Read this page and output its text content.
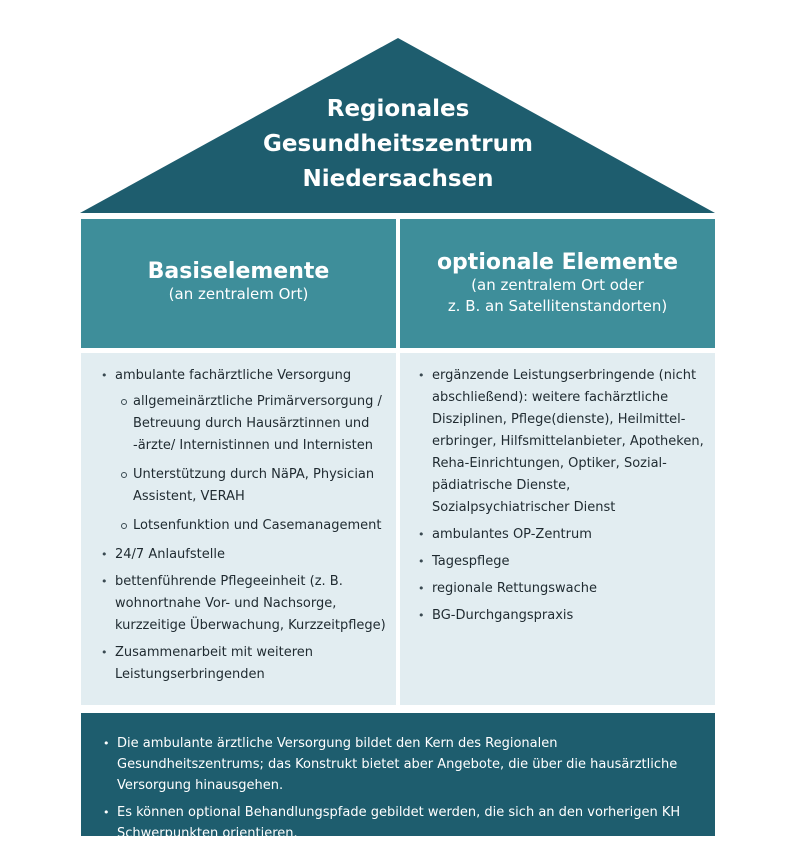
Regionales
Gesundheitszentrum
Niedersachsen
Basiselemente
(an zentralem Ort)
optionale Elemente
(an zentralem Ort oder
z. B. an Satellitenstandorten)
• ambulante fachärztliche Versorgung
allgemeinärztliche Primärversorgung / Betreuung durch Hausärztinnen und -ärzte/ Internistinnen und Internisten
Unterstützung durch NäPA, Physician Assistent, VERAH
Lotsenfunktion und Casemanagement
• 24/7 Anlaufstelle
• bettenführende Pflegeeinheit (z. B. wohnortnahe Vor- und Nachsorge, kurzzeitige Überwachung, Kurzzeitpflege)
• Zusammenarbeit mit weiteren Leistungserbringenden
• ergänzende Leistungserbringende (nicht abschließend): weitere fachärztliche Disziplinen, Pflege(dienste), Heilmittel-erbringer, Hilfsmittelanbieter, Apotheken, Reha-Einrichtungen, Optiker, Sozial-pädiatrische Dienste, Sozialpsychiatrischer Dienst
• ambulantes OP-Zentrum
• Tagespflege
• regionale Rettungswache
• BG-Durchgangspraxis
• Die ambulante ärztliche Versorgung bildet den Kern des Regionalen Gesundheitszentrums; das Konstrukt bietet aber Angebote, die über die hausärztliche Versorgung hinausgehen.
• Es können optional Behandlungspfade gebildet werden, die sich an den vorherigen KH Schwerpunkten orientieren.
